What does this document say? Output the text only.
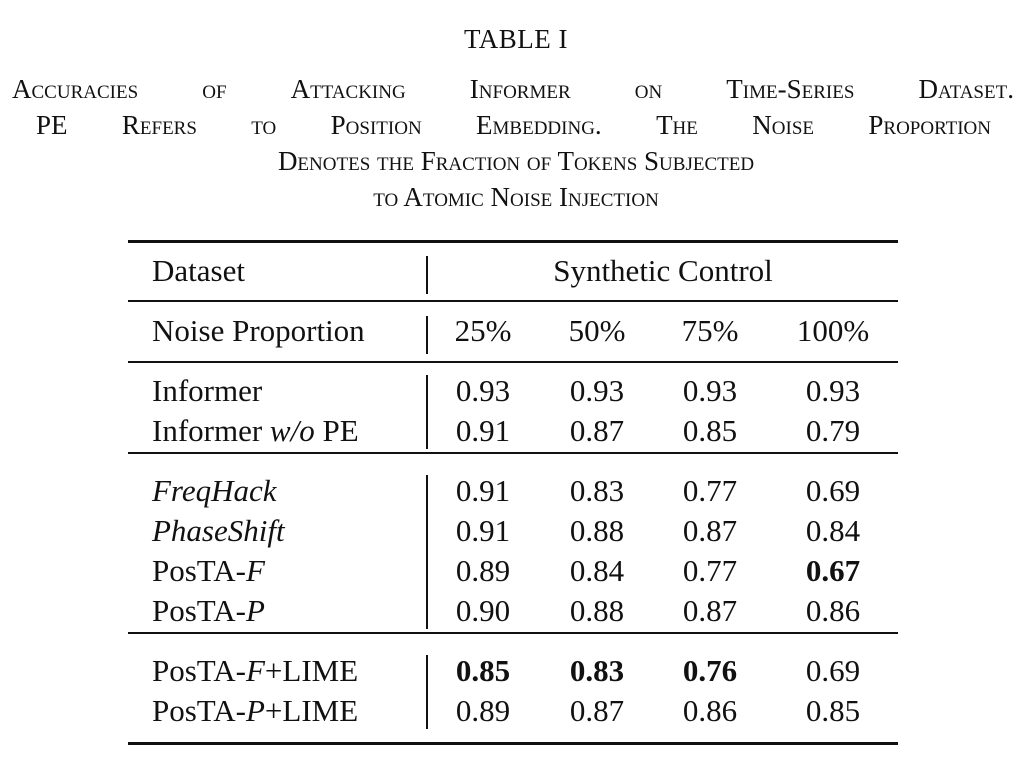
TABLE I
Accuracies of Attacking Informer on Time-Series Dataset.
PE Refers to Position Embedding. The Noise Proportion
Denotes the Fraction of Tokens Subjected
to Atomic Noise Injection
Dataset	Synthetic Control
Noise Proportion	25%	50%	75%	100%
Informer	0.93	0.93	0.93	0.93
Informer w/o PE	0.91	0.87	0.85	0.79
FreqHack	0.91	0.83	0.77	0.69
PhaseShift	0.91	0.88	0.87	0.84
PosTA-F	0.89	0.84	0.77	0.67
PosTA-P	0.90	0.88	0.87	0.86
PosTA-F+LIME	0.85	0.83	0.76	0.69
PosTA-P+LIME	0.89	0.87	0.86	0.85
